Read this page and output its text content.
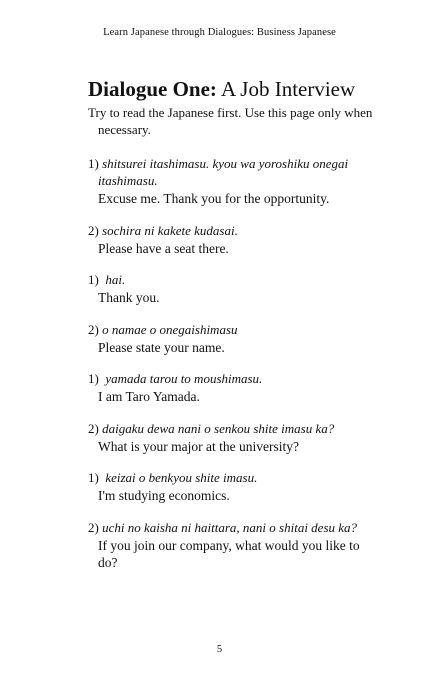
Learn Japanese through Dialogues: Business Japanese
Dialogue One: A Job Interview

Try to read the Japanese first. Use this page only when necessary.

1) shitsurei itashimasu. kyou wa yoroshiku onegai itashimasu.
Excuse me. Thank you for the opportunity.
2) sochira ni kakete kudasai.
Please have a seat there.
1) hai.
Thank you.
2) o namae o onegaishimasu
Please state your name.
1) yamada tarou to moushimasu.
I am Taro Yamada.
2) daigaku dewa nani o senkou shite imasu ka?
What is your major at the university?
1) keizai o benkyou shite imasu.
I'm studying economics.
2) uchi no kaisha ni haittara, nani o shitai desu ka?
If you join our company, what would you like to do?
5
